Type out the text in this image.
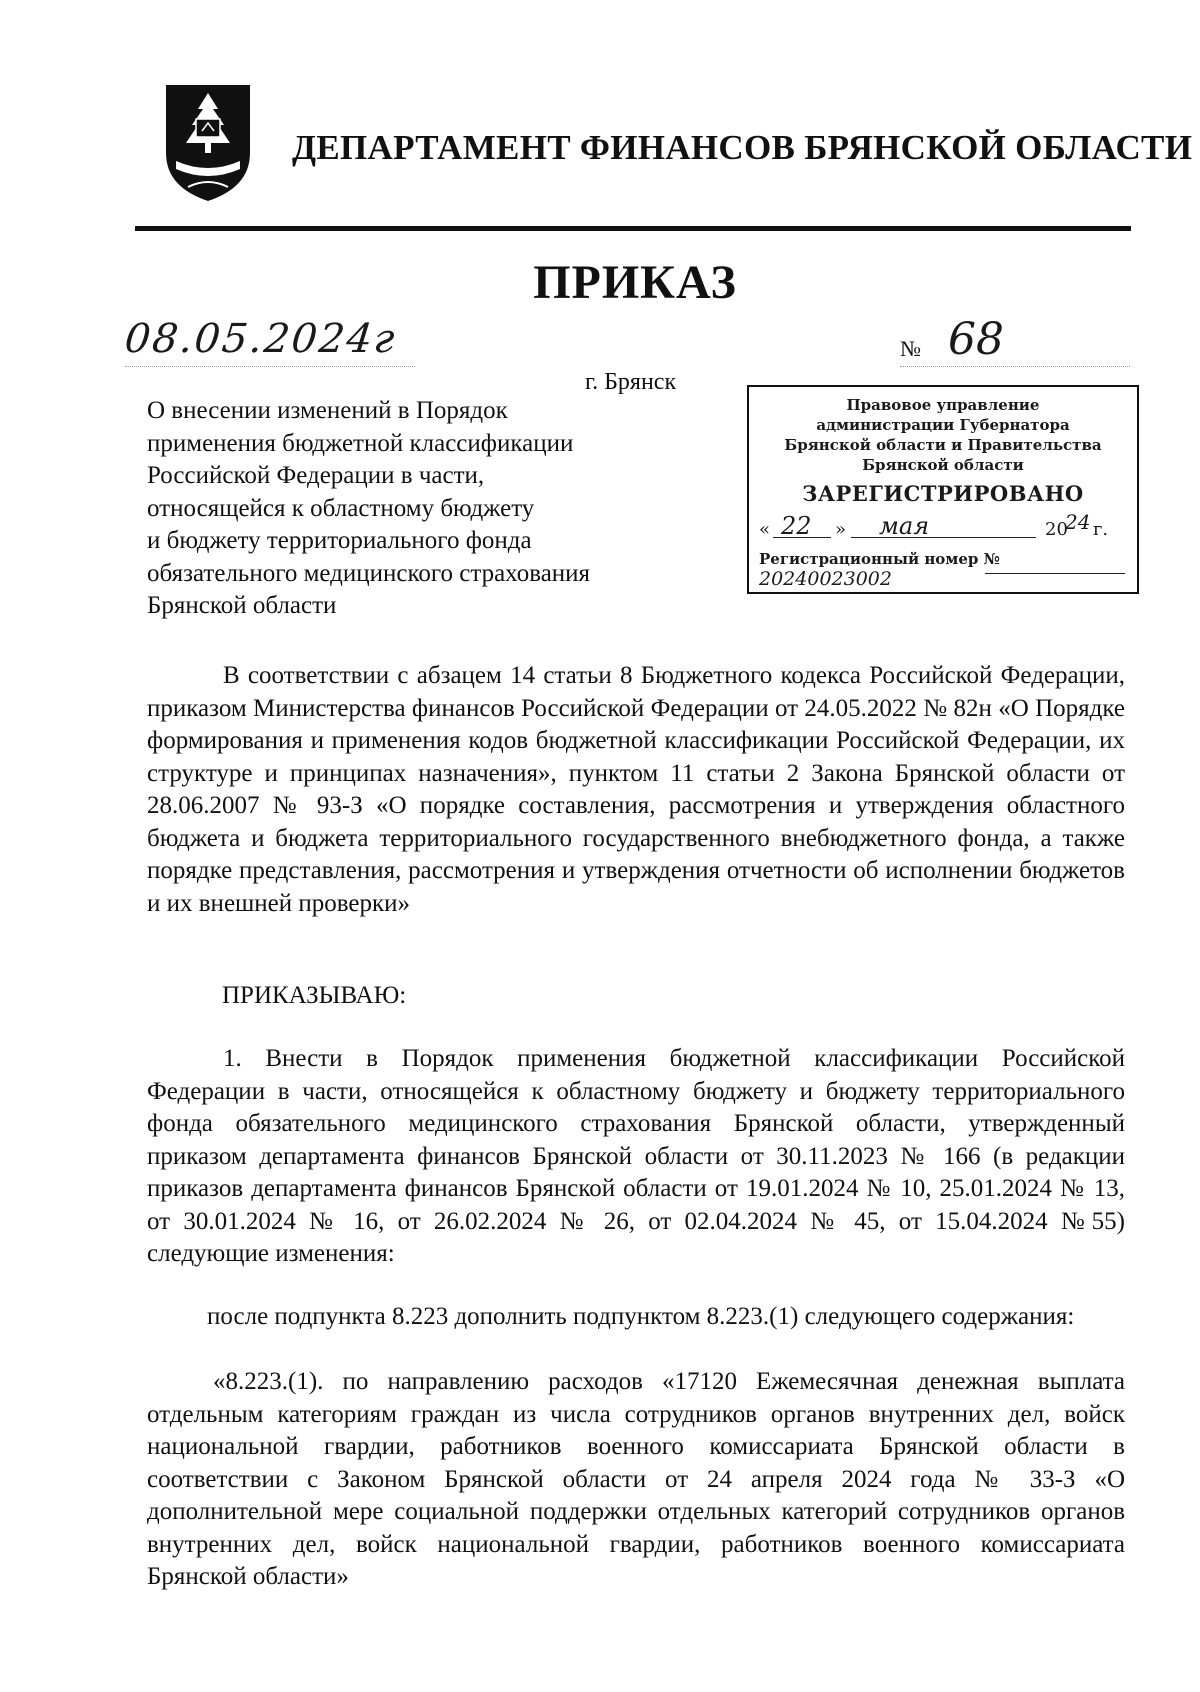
ДЕПАРТАМЕНТ ФИНАНСОВ БРЯНСКОЙ ОБЛАСТИ
ПРИКАЗ
08.05.2024г	№ 68
г. Брянск
О внесении изменений в Порядок
применения бюджетной классификации
Российской Федерации в части,
относящейся к областному бюджету
и бюджету территориального фонда
обязательного медицинского страхования
Брянской области
Правовое управление
администрации Губернатора
Брянской области и Правительства
Брянской области
ЗАРЕГИСТРИРОВАНО
« 22 » мая	20
24 г.
Регистрационный номер №
20240023002

В соответствии с абзацем 14 статьи 8 Бюджетного кодекса Российской Федерации, приказом Министерства финансов Российской Федерации от 24.05.2022 № 82н «О Порядке формирования и применения кодов бюджетной классификации Российской Федерации, их структуре и принципах назначения», пунктом 11 статьи 2 Закона Брянской области от 28.06.2007 № 93-З «О порядке составления, рассмотрения и утверждения областного бюджета и бюджета территориального государственного внебюджетного фонда, а также порядке представления, рассмотрения и утверждения отчетности об исполнении бюджетов и их внешней проверки»

ПРИКАЗЫВАЮ:

1. Внести в Порядок применения бюджетной классификации Российской Федерации в части, относящейся к областному бюджету и бюджету территориального фонда обязательного медицинского страхования Брянской области, утвержденный приказом департамента финансов Брянской области от 30.11.2023 № 166 (в редакции приказов департамента финансов Брянской области от 19.01.2024 № 10, 25.01.2024 № 13, от 30.01.2024 № 16, от 26.02.2024 № 26, от 02.04.2024 № 45, от 15.04.2024 №55) следующие изменения:

после подпункта 8.223 дополнить подпунктом 8.223.(1) следующего содержания:

«8.223.(1). по направлению расходов «17120 Ежемесячная денежная выплата отдельным категориям граждан из числа сотрудников органов внутренних дел, войск национальной гвардии, работников военного комиссариата Брянской области в соответствии с Законом Брянской области от 24 апреля 2024 года № 33-З «О дополнительной мере социальной поддержки отдельных категорий сотрудников органов внутренних дел, войск национальной гвардии, работников военного комиссариата Брянской области»
